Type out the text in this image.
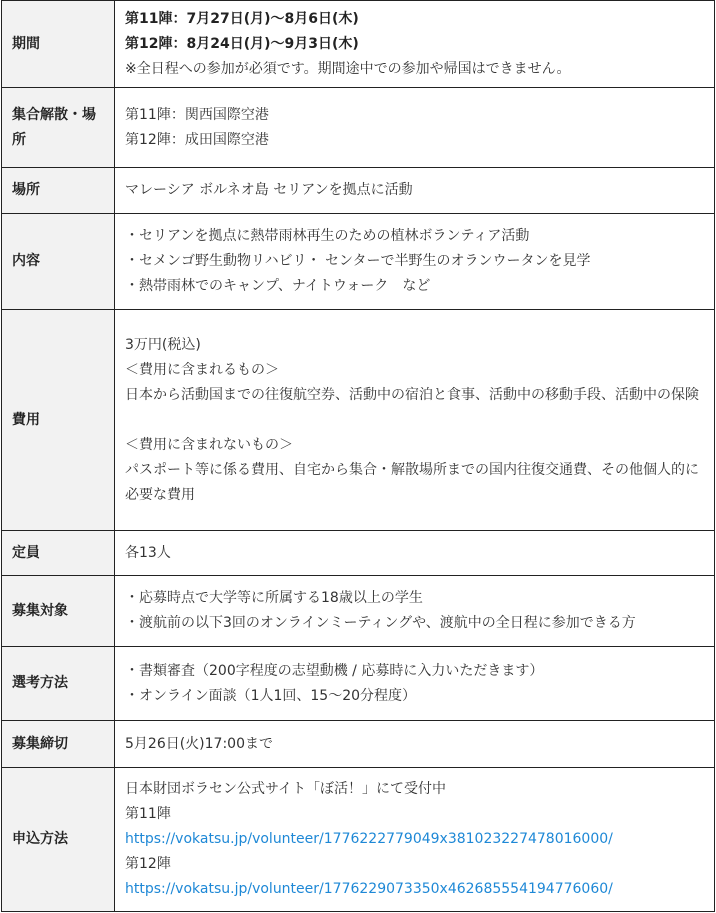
期間	第11陣：7月27日(月)～8月6日(木)
第12陣：8月24日(月)～9月3日(木)
※全日程への参加が必須です。期間途中での参加や帰国はできません。

集合解散・場所	第11陣：関西国際空港
第12陣：成田国際空港

場所	マレーシア ボルネオ島 セリアンを拠点に活動
内容	・セリアンを拠点に熱帯雨林再生のための植林ボランティア活動
・セメンゴ野生動物リハビリ・ センターで半野生のオランウータンを見学
・熱帯雨林でのキャンプ、ナイトウォーク　など

費用	3万円(税込)
＜費用に含まれるもの＞
日本から活動国までの往復航空券、活動中の宿泊と食事、活動中の移動手段、活動中の保険
＜費用に含まれないもの＞
パスポート等に係る費用、自宅から集合・解散場所までの国内往復交通費、その他個人的に必要な費用

定員	各13人
募集対象	・応募時点で大学等に所属する18歳以上の学生
・渡航前の以下3回のオンラインミーティングや、渡航中の全日程に参加できる方

選考方法	・書類審査（200字程度の志望動機 / 応募時に入力いただきます）
・オンライン面談（1人1回、15～20分程度）

募集締切	5月26日(火)17:00まで
申込方法	日本財団ボラセン公式サイト「ぼ活！」にて受付中
第11陣
https://vokatsu.jp/volunteer/1776222779049x381023227478016000/
第12陣
https://vokatsu.jp/volunteer/1776229073350x462685554194776060/
